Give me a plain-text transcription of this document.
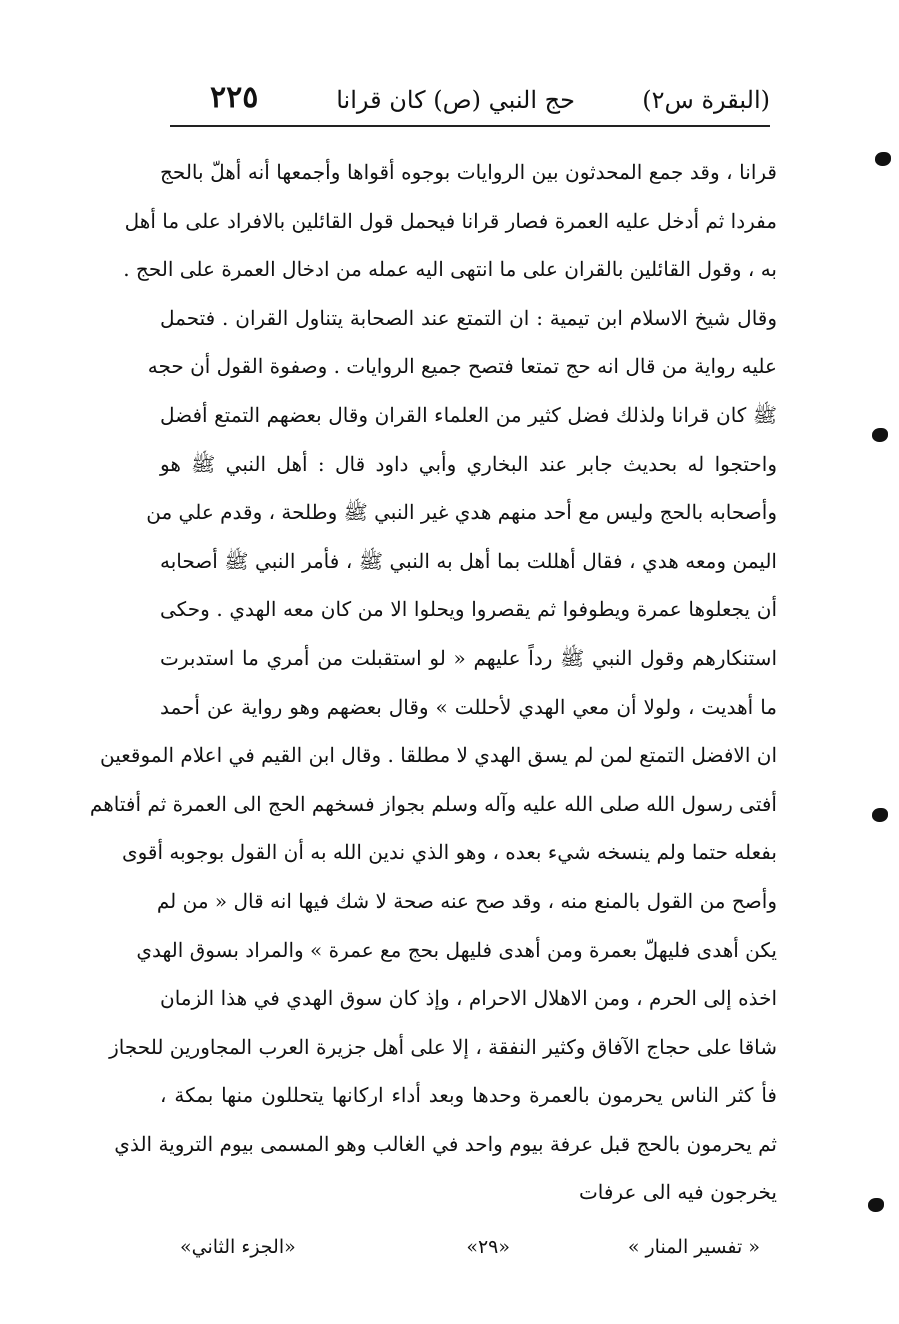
(البقرة س٢)
حج النبي (ص) كان قرانا
٢٢٥
قرانا ، وقد جمع المحدثون بين الروايات بوجوه أقواها وأجمعها أنه أهلّ بالحج
مفردا ثم أدخل عليه العمرة فصار قرانا فيحمل قول القائلين بالافراد على ما أهل
به ، وقول القائلين بالقران على ما انتهى اليه عمله من ادخال العمرة على الحج .
وقال شيخ الاسلام ابن تيمية : ان التمتع عند الصحابة يتناول القران . فتحمل
عليه رواية من قال انه حج تمتعا فتصح جميع الروايات . وصفوة القول أن حجه
ﷺ كان قرانا ولذلك فضل كثير من العلماء القران وقال بعضهم التمتع أفضل
واحتجوا له بحديث جابر عند البخاري وأبي داود قال : أهل النبي ﷺ هو
وأصحابه بالحج وليس مع أحد منهم هدي غير النبي ﷺ وطلحة ، وقدم علي من
اليمن ومعه هدي ، فقال أهللت بما أهل به النبي ﷺ ، فأمر النبي ﷺ أصحابه
أن يجعلوها عمرة ويطوفوا ثم يقصروا ويحلوا الا من كان معه الهدي . وحكى
استنكارهم وقول النبي ﷺ رداً عليهم « لو استقبلت من أمري ما استدبرت
ما أهديت ، ولولا أن معي الهدي لأحللت » وقال بعضهم وهو رواية عن أحمد
ان الافضل التمتع لمن لم يسق الهدي لا مطلقا . وقال ابن القيم في اعلام الموقعين
أفتى رسول الله صلى الله عليه وآله وسلم بجواز فسخهم الحج الى العمرة ثم أفتاهم
بفعله حتما ولم ينسخه شيء بعده ، وهو الذي ندين الله به أن القول بوجوبه أقوى
وأصح من القول بالمنع منه ، وقد صح عنه صحة لا شك فيها انه قال « من لم
يكن أهدى فليهلّ بعمرة ومن أهدى فليهل بحج مع عمرة » والمراد بسوق الهدي
اخذه إلى الحرم ، ومن الاهلال الاحرام ، وإذ كان سوق الهدي في هذا الزمان
شاقا على حجاج الآفاق وكثير النفقة ، إلا على أهل جزيرة العرب المجاورين للحجاز
فأ كثر الناس يحرمون بالعمرة وحدها وبعد أداء اركانها يتحللون منها بمكة ،
ثم يحرمون بالحج قبل عرفة بيوم واحد في الغالب وهو المسمى بيوم التروية الذي
يخرجون فيه الى عرفات
« تفسير المنار »
«٢٩»
«الجزء الثاني»
